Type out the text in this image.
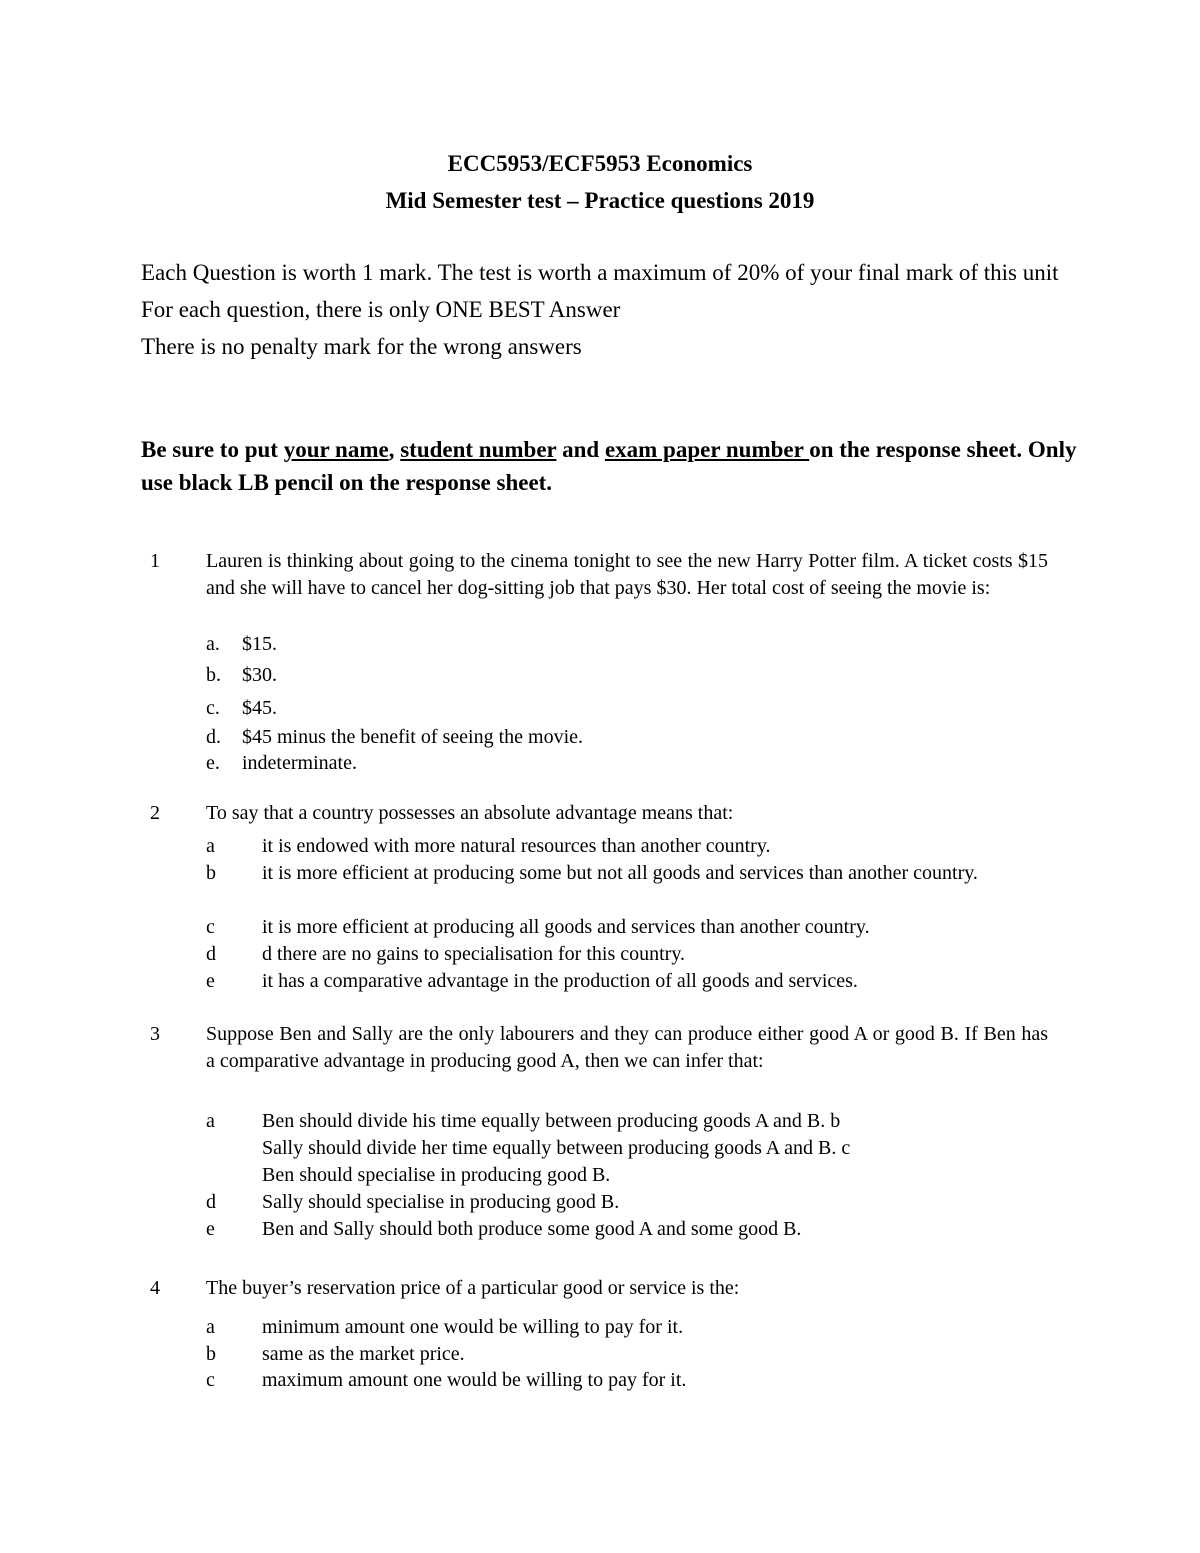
ECC5953/ECF5953 Economics
Mid Semester test – Practice questions 2019

Each Question is worth 1 mark. The test is worth a maximum of 20% of your final mark of this unit

For each question, there is only ONE BEST Answer

There is no penalty mark for the wrong answers

Be sure to put your name, student number and exam paper number on the response sheet. Only use black LB pencil on the response sheet.
1 Lauren is thinking about going to the cinema tonight to see the new Harry Potter film. A ticket costs $15 and she will have to cancel her dog-sitting job that pays $30. Her total cost of seeing the movie is:
a. $15.
b. $30.
c. $45.
d. $45 minus the benefit of seeing the movie.
e. indeterminate.
2 To say that a country possesses an absolute advantage means that:
a it is endowed with more natural resources than another country.
b it is more efficient at producing some but not all goods and services than another country.
c it is more efficient at producing all goods and services than another country.
d d there are no gains to specialisation for this country.
e it has a comparative advantage in the production of all goods and services.
3 Suppose Ben and Sally are the only labourers and they can produce either good A or good B. If Ben has a comparative advantage in producing good A, then we can infer that:
a Ben should divide his time equally between producing goods A and B. b
Sally should divide her time equally between producing goods A and B. c
Ben should specialise in producing good B.
d Sally should specialise in producing good B.
e Ben and Sally should both produce some good A and some good B.
4 The buyer’s reservation price of a particular good or service is the:
a minimum amount one would be willing to pay for it.
b same as the market price.
c maximum amount one would be willing to pay for it.
